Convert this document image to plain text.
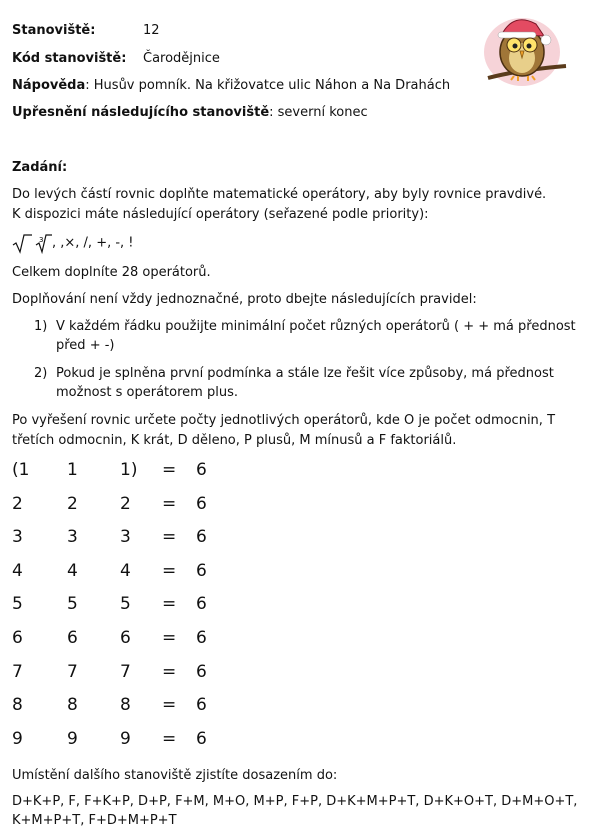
Stanoviště:	12
Kód stanoviště: Čarodějnice
Nápověda: Husův pomník. Na křižovatce ulic Náhon a Na Drahách
Upřesnění následujícího stanoviště: severní konec
Zadání:
Do levých částí rovnic doplňte matematické operátory, aby byly rovnice pravdivé.
K dispozici máte následující operátory (seřazené podle priority):
3 , ,×, /, +, -, !
Celkem doplníte 28 operátorů.
Doplňování není vždy jednoznačné, proto dbejte následujících pravidel:
1) V každém řádku použijte minimální počet různých operátorů ( + + má přednost
před + -)
2) Pokud je splněna první podmínka a stále lze řešit více způsoby, má přednost
možnost s operátorem plus.
Po vyřešení rovnic určete počty jednotlivých operátorů, kde O je počet odmocnin, T
třetích odmocnin, K krát, D děleno, P plusů, M mínusů a F faktoriálů.
(1 1 1) = 6
2	2 2 = 6
3	3 3 = 6
4	4 4 = 6
5	5 5 = 6
6	6 6 = 6
7	7 7 = 6
8	8 8 = 6
9	9 9 = 6
Umístění dalšího stanoviště zjistíte dosazením do:
D+K+P, F, F+K+P, D+P, F+M, M+O, M+P, F+P, D+K+M+P+T, D+K+O+T, D+M+O+T,
K+M+P+T, F+D+M+P+T
